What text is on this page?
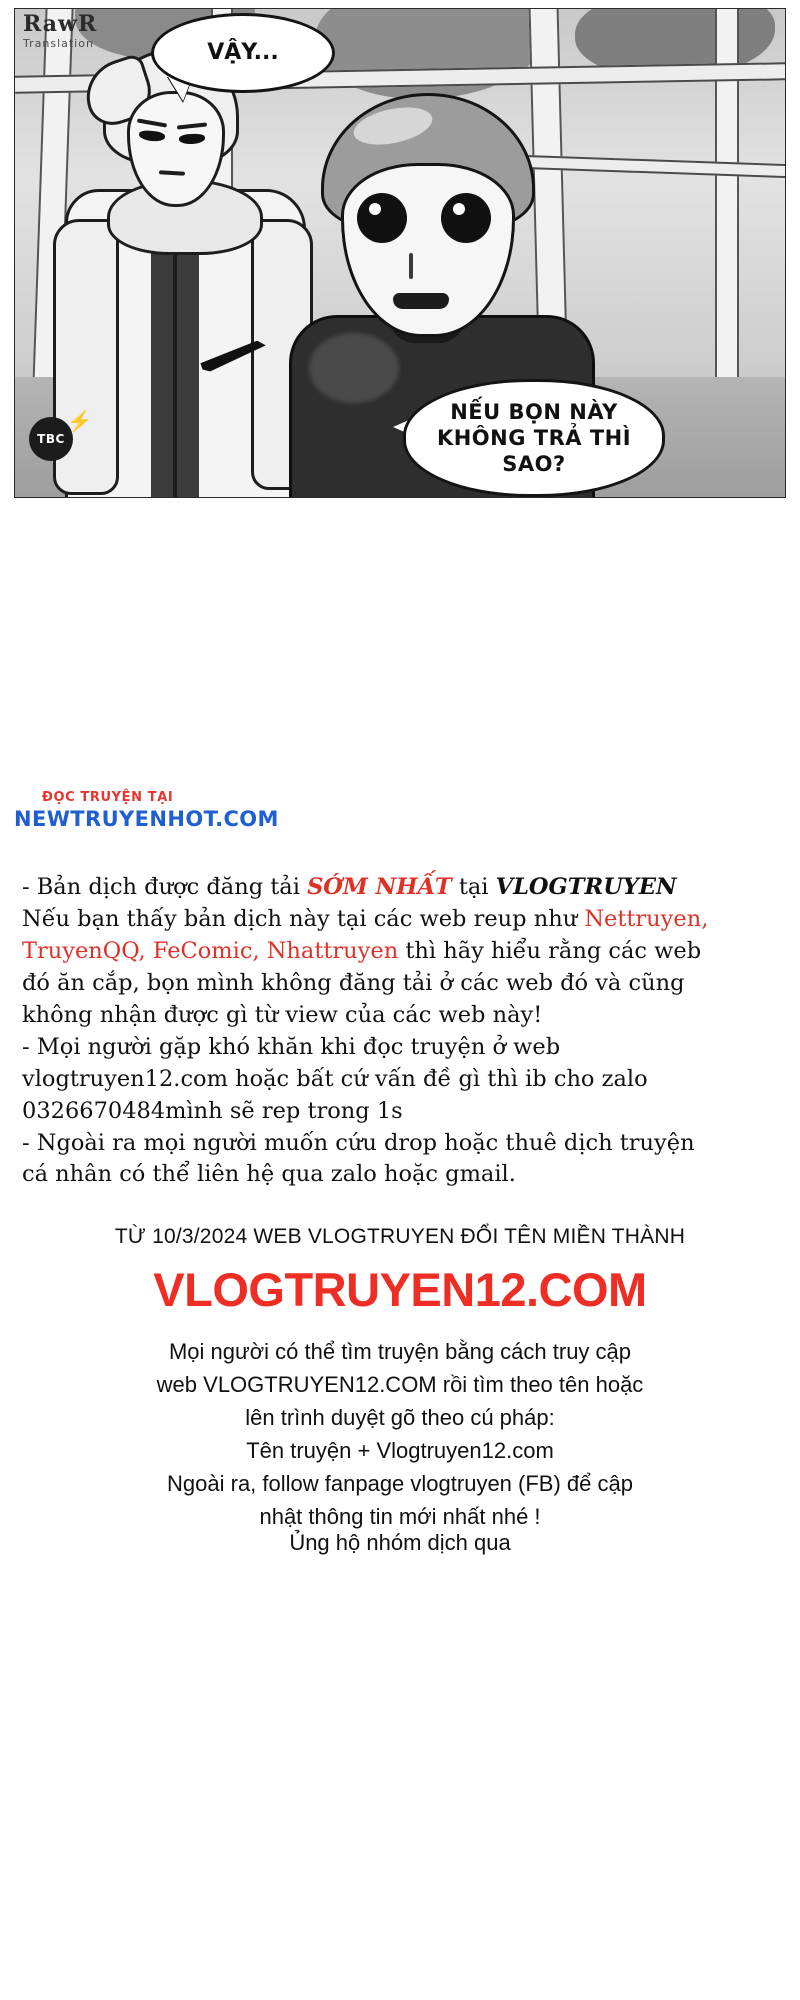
VẬY...
NẾU BỌN NÀY KHÔNG TRẢ THÌ SAO?
TBC
⚡
RawR
Translation
ĐỌC TRUYỆN TẠI
NEWTRUYENHOT.COM

- Bản dịch được đăng tải SỚM NHẤT tại VLOGTRUYEN

Nếu bạn thấy bản dịch này tại các web reup như Nettruyen,

TruyenQQ, FeComic, Nhattruyen thì hãy hiểu rằng các web

đó ăn cắp, bọn mình không đăng tải ở các web đó và cũng

không nhận được gì từ view của các web này!

- Mọi người gặp khó khăn khi đọc truyện ở web

vlogtruyen12.com hoặc bất cứ vấn đề gì thì ib cho zalo

0326670484mình sẽ rep trong 1s

- Ngoài ra mọi người muốn cứu drop hoặc thuê dịch truyện

cá nhân có thể liên hệ qua zalo hoặc gmail.

TỪ 10/3/2024 WEB VLOGTRUYEN ĐỔI TÊN MIỀN THÀNH
VLOGTRUYEN12.COM

Mọi người có thể tìm truyện bằng cách truy cập

web VLOGTRUYEN12.COM rồi tìm theo tên hoặc

lên trình duyệt gõ theo cú pháp:

Tên truyện + Vlogtruyen12.com

Ngoài ra, follow fanpage vlogtruyen (FB) để cập

nhật thông tin mới nhất nhé !

Ủng hộ nhóm dịch qua
